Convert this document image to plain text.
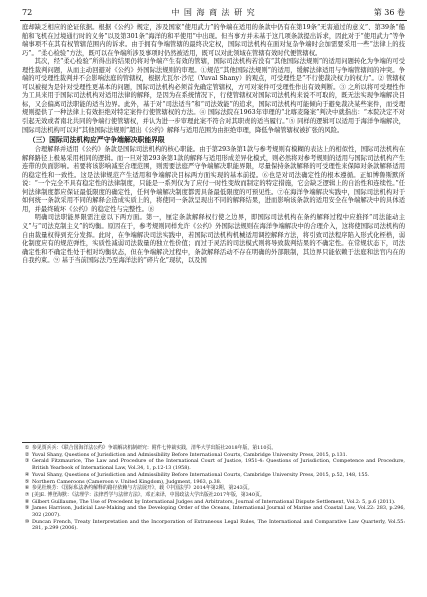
72	中 国 海 商 法 研 究	第 36 卷

庭却缺乏相应的论证依据。根据《公约》规定，涉及国家“使用武力”的争端在适用的条款中仍有在第19条“无害通过的意义”、第39条“船舶和飞机在过境通行时的义务”以及第301条“海洋的和平使用”中出现。但当事方并未基于这几项条款提出诉求，因此对于“使用武力”等争端事项不在其有权管辖范围内的诉求。由于拥有争端管辖的最终决定权，国际司法机构在面对复杂争端时会加需要采用一些“法律上的技巧”。“柔心检验”方法，既可以在争端所涉及事项时仍然被适用，既可以对此领域在管辖有效时代便管辖权。

其次，经“柔心检验”所得出的结果仍将对争端产生有效的管辖，国际司法机构若没有“其他国际法规则”的适用问题转化为争端的可受理性裁判问题，从而主动回避对《公约》外国际法规则的审理。①规范“其他国际法规则”的适用，缓解法律适用与争端管辖间的冲突。争端的可受理性裁判并不会影响法庭的管辖权，根据尤瓦尔·沙尼（Yuval Shany）的观点，可受理性是“不行使裁决权力的权力”。② 管辖权可以被视为是针对受理性更基本的问题，国际司法机构必须首先确定管辖权，方可对案件可受理性作出有效判断。③ 之所以将可受理性作为工具来用于国际司法机构对适用法律的解释，是因为在系统情况下，行使管辖权对国际司法机构来说不可取的，既无法实现争端解决目标，又会偏离司法职能的适当边界。此外，基于对“司法适当”和“司法效能”的追求，国际司法机构可能倾向于避免裁决某些案件，而受理规则提供了一种法律上有效拒绝对特定案件行使管辖权的方法。④ 国际法院在1963年审理的“北喀麦隆案”判决中就指出：“本院决定不对引起无效或者南北共同的争端行使管辖权，并认为进一步审理此案不符合对其职责的适当履行。”⑤ 同样的逻辑可以适用于海洋争端解决，国际司法机构可以对“其他国际法规则”超出《公约》解释与适用范围为由拒绝审理，降低争端管辖权被扩张的风险。

（三）国际司法机构应严守争端解决职能界限

合理解释并适用《公约》条款是国际司法机构的核心职能。由于第293条第1款与参考规则有模糊的表达上的相似性，国际司法机构在解释路径上极易采用相同的逻辑。而一旦对第293条第1款的解释与适用形成差异化模式，则必然将对参考规则的适用与国际司法机构产生连带的负面影响。若要将该影响减至合理范围，则需要法庭严守争端解决职能界限，尽量保持条款解释的可受理性来保障对条款解释适用的稳定性和一致性。这是法律规范产生适用和争端解决目标两方面实现的基本前提。⑥也是对司法确定性的根本遵循。正如博鲁斯默所说：“一个完全不具有稳定性的法律制度，只能是一系列仅为了应付一时性变故而制定的特定措施，它会缺乏逻辑上的自治性和连续性。”任何法律制度都应保证最低限度的确定性，任何争端解决制度都需具备最低限度的可预见性。⑦在海洋争端解决实践中，国际司法机构对于如何统一条款采用不同的解释会造成实质上的，将使同一条款呈现出不同的解释结果，进而影响该条款的适用安全在争端解决中的具体适用，并最终破坏《公约》的稳定性与完整性。⑧

明确司法职能界限需注意以下两方面。第一，厘定条款解释权行使之边界，即国际司法机构在条约解释过程中应推择“司法能动主义”与“司法克制主义”的均衡。原因在于，参考规则同样允许《公约》外国际法规则在海洋争端解决中的合理介入，这将使国际司法机构的自由裁量权得到充分发挥。此时，在争端解决司法实践中，若国际司法机构机械适用调控解释方法，将引致司法程序陷入形式化桎梏，弱化制度应有的规范弹性，实质性减弱司法裁量的独立性价值；而过于灵活的司法模式则将导致裁判结果的不确定性。在常规状态下，司法确定性和不确定性处于相对均衡状态，但在争端解决过程中，条款解释活动不存在明确的外部限制，其边界只能依赖于法庭和法官内在的自我约束。⑨ 基于当前国际法乃至海洋法的“碎片化”现状，以及国

① 参见贾兵兵：《联合国海洋法公约》争端解决机制研究：附件七仲裁实践，清华大学出版社2018年版，第110页。
② Yuval Shany, Questions of Jurisdiction and Admissibility Before International Courts, Cambridge University Press, 2015, p.131.
③ Gerald Fitzmaurice, The Law and Procedure of the International Court of Justice, 1951-4: Questions of Jurisdiction, Competence and Procedure, British Yearbook of International Law, Vol.34, 1, p.12-13 (1958).
④ Yuval Shany, Questions of Jurisdiction and Admissibility Before International Courts, Cambridge University Press, 2015, p.52, 148, 155.
⑤ Northern Cameroons (Cameroon v. United Kingdom), Judgment, 1963, p.38.
⑥ 参见杜焕芳：《国际私法条约解释的路径依赖与方法展开》，载《中国法学》2014年第2期，第243页。
⑦ [美]E. 博登海默：《法理学：法律哲学与法律方法》，邓正来译，中国政法大学出版社2017年版，第340页。
⑧ Gilbert Guillaume, The Use of Precedent by International Judges and Arbitrators, Journal of International Dispute Settlement, Vol.2: 5, p.6 (2011).
⑨ James Harrison, Judicial Law-Making and the Developing Order of the Oceans, International Journal of Marine and Coastal Law, Vol.22: 283, p.296, 302 (2007).
⑩ Duncan French, Treaty Interpretation and the Incorporation of Extraneous Legal Rules, The International and Comparative Law Quarterly, Vol.55: 281, p.299 (2006).
